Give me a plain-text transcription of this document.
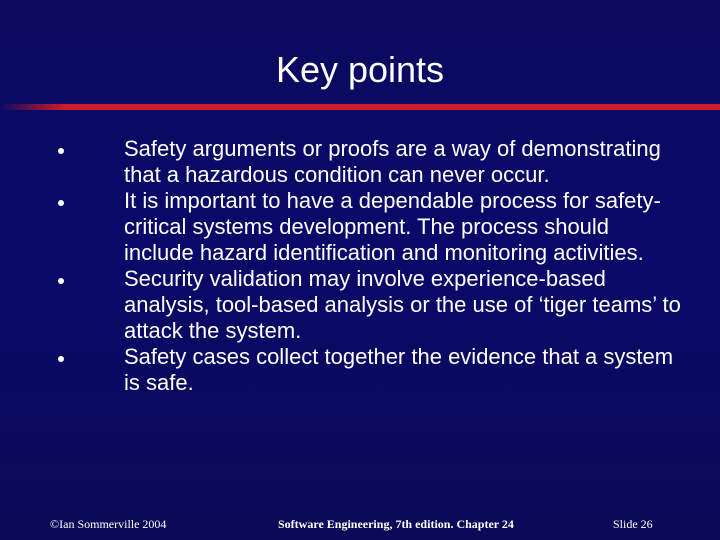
Key points
Safety arguments or proofs are a way of demonstrating that a hazardous condition can never occur.
It is important to have a dependable process for safety-critical systems development. The process should include hazard identification and monitoring activities.
Security validation may involve experience-based analysis, tool-based analysis or the use of ‘tiger teams’ to attack the system.
Safety cases collect together the evidence that a system is safe.
©Ian Sommerville 2004	Software Engineering, 7th edition. Chapter 24	Slide 26
